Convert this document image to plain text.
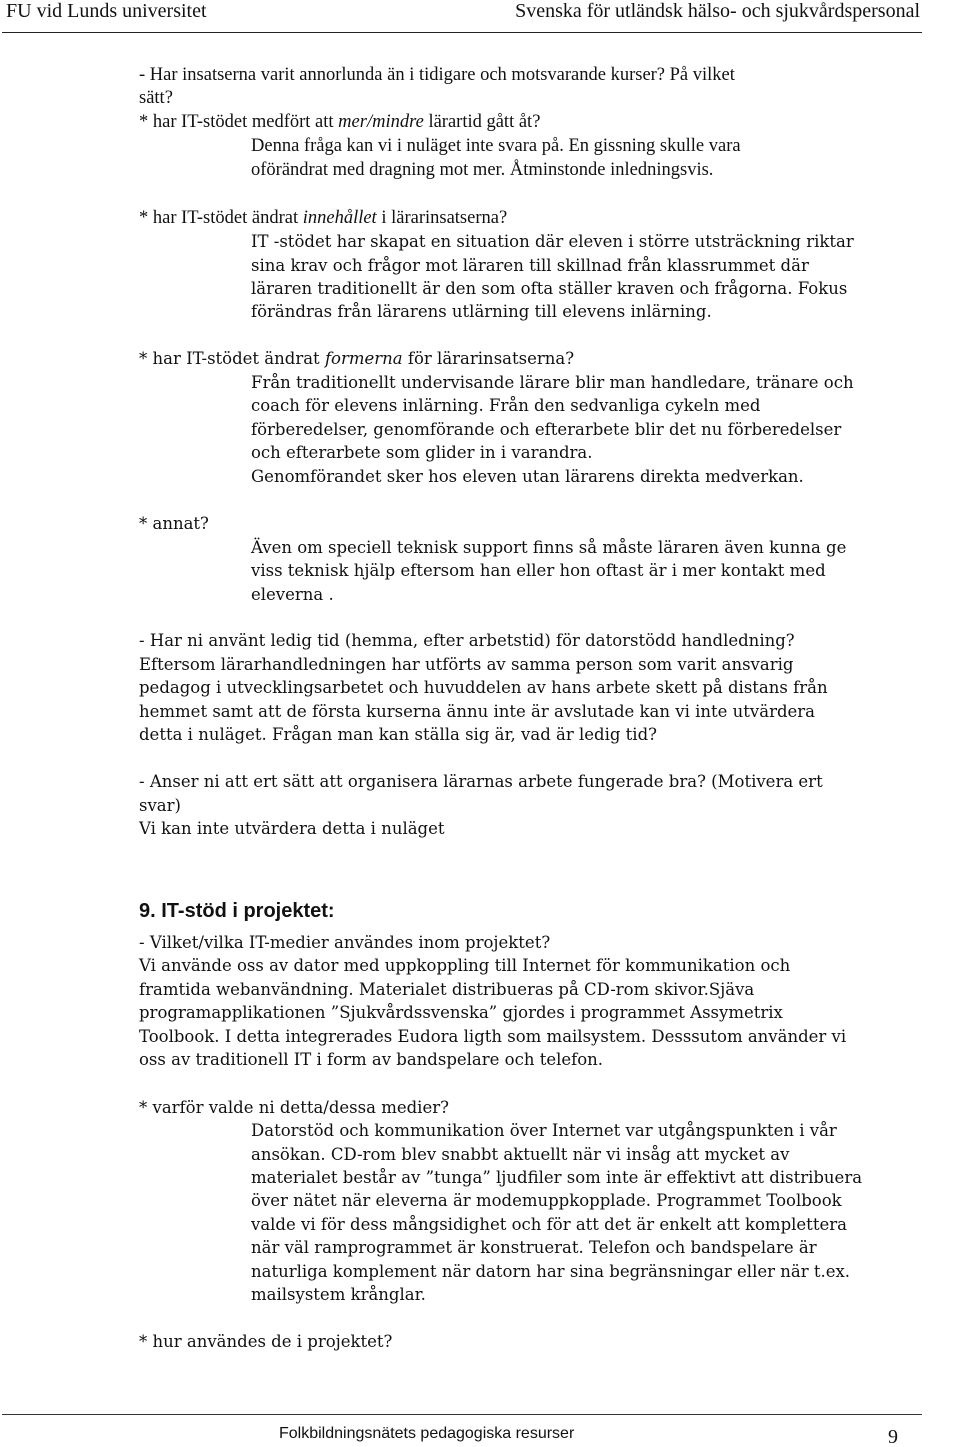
FU vid Lunds universitet	Svenska för utländsk hälso- och sjukvårdspersonal
- Har insatserna varit annorlunda än i tidigare och motsvarande kurser? På vilket
sätt?
* har IT-stödet medfört att mer/mindre lärartid gått åt?
Denna fråga kan vi i nuläget inte svara på. En gissning skulle vara
oförändrat med dragning mot mer. Åtminstonde inledningsvis.
* har IT-stödet ändrat innehållet i lärarinsatserna?
IT -stödet har skapat en situation där eleven i större utsträckning riktar
sina krav och frågor mot läraren till skillnad från klassrummet där
läraren traditionellt är den som ofta ställer kraven och frågorna. Fokus
förändras från lärarens utlärning till elevens inlärning.
* har IT-stödet ändrat formerna för lärarinsatserna?
Från traditionellt undervisande lärare blir man handledare, tränare och
coach för elevens inlärning. Från den sedvanliga cykeln med
förberedelser, genomförande och efterarbete blir det nu förberedelser
och efterarbete som glider in i varandra.
Genomförandet sker hos eleven utan lärarens direkta medverkan.
* annat?
Även om speciell teknisk support finns så måste läraren även kunna ge
viss teknisk hjälp eftersom han eller hon oftast är i mer kontakt med
eleverna .
- Har ni använt ledig tid (hemma, efter arbetstid) för datorstödd handledning?
Eftersom lärarhandledningen har utförts av samma person som varit ansvarig
pedagog i utvecklingsarbetet och huvuddelen av hans arbete skett på distans från
hemmet samt att de första kurserna ännu inte är avslutade kan vi inte utvärdera
detta i nuläget. Frågan man kan ställa sig är, vad är ledig tid?
- Anser ni att ert sätt att organisera lärarnas arbete fungerade bra? (Motivera ert
svar)
Vi kan inte utvärdera detta i nuläget
9. IT-stöd i projektet:
- Vilket/vilka IT-medier användes inom projektet?
Vi använde oss av dator med uppkoppling till Internet för kommunikation och
framtida webanvändning. Materialet distribueras på CD-rom skivor.Sjäva
programapplikationen ”Sjukvårdssvenska” gjordes i programmet Assymetrix
Toolbook. I detta integrerades Eudora ligth som mailsystem. Desssutom använder vi
oss av traditionell IT i form av bandspelare och telefon.
* varför valde ni detta/dessa medier?
Datorstöd och kommunikation över Internet var utgångspunkten i vår
ansökan. CD-rom blev snabbt aktuellt när vi insåg att mycket av
materialet består av ”tunga” ljudfiler som inte är effektivt att distribuera
över nätet när eleverna är modemuppkopplade. Programmet Toolbook
valde vi för dess mångsidighet och för att det är enkelt att komplettera
när väl ramprogrammet är konstruerat. Telefon och bandspelare är
naturliga komplement när datorn har sina begränsningar eller när t.ex.
mailsystem krånglar.
* hur användes de i projektet?
Folkbildningsnätets pedagogiska resurser	9
